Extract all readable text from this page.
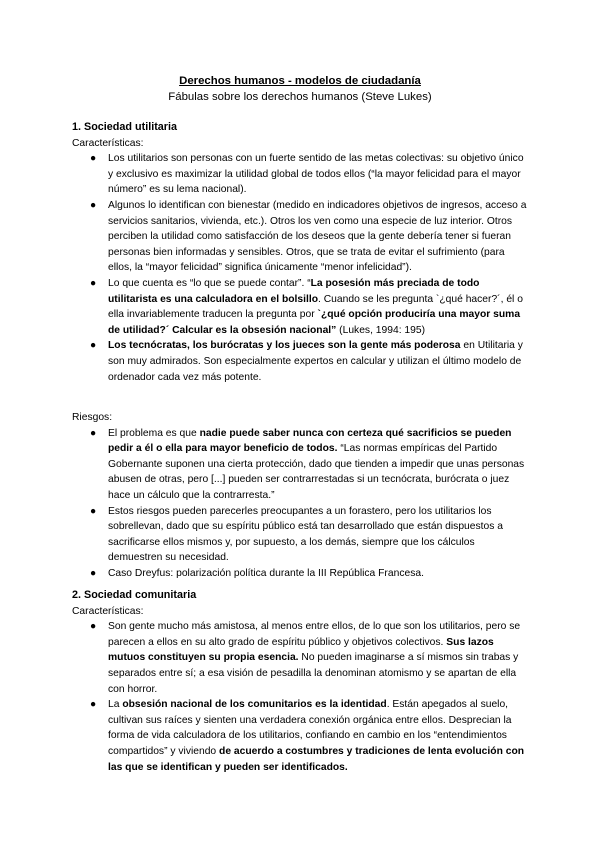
Derechos humanos - modelos de ciudadanía
Fábulas sobre los derechos humanos (Steve Lukes)
1. Sociedad utilitaria
Características:
● Los utilitarios son personas con un fuerte sentido de las metas colectivas: su objetivo único y exclusivo es maximizar la utilidad global de todos ellos (“la mayor felicidad para el mayor número” es su lema nacional).
● Algunos lo identifican con bienestar (medido en indicadores objetivos de ingresos, acceso a servicios sanitarios, vivienda, etc.). Otros los ven como una especie de luz interior. Otros perciben la utilidad como satisfacción de los deseos que la gente debería tener si fueran personas bien informadas y sensibles. Otros, que se trata de evitar el sufrimiento (para ellos, la “mayor felicidad” significa únicamente “menor infelicidad”).
● Lo que cuenta es “lo que se puede contar”. “La posesión más preciada de todo utilitarista es una calculadora en el bolsillo. Cuando se les pregunta `¿qué hacer?´, él o ella invariablemente traducen la pregunta por `¿qué opción produciría una mayor suma de utilidad?´ Calcular es la obsesión nacional” (Lukes, 1994: 195)
● Los tecnócratas, los burócratas y los jueces son la gente más poderosa en Utilitaria y son muy admirados. Son especialmente expertos en calcular y utilizan el último modelo de ordenador cada vez más potente.
Riesgos:
● El problema es que nadie puede saber nunca con certeza qué sacrificios se pueden pedir a él o ella para mayor beneficio de todos. “Las normas empíricas del Partido Gobernante suponen una cierta protección, dado que tienden a impedir que unas personas abusen de otras, pero [...] pueden ser contrarrestadas si un tecnócrata, burócrata o juez hace un cálculo que la contrarresta.”
● Estos riesgos pueden parecerles preocupantes a un forastero, pero los utilitarios los sobrellevan, dado que su espíritu público está tan desarrollado que están dispuestos a sacrificarse ellos mismos y, por supuesto, a los demás, siempre que los cálculos demuestren su necesidad.
● Caso Dreyfus: polarización política durante la III República Francesa.
2. Sociedad comunitaria
Características:
● Son gente mucho más amistosa, al menos entre ellos, de lo que son los utilitarios, pero se parecen a ellos en su alto grado de espíritu público y objetivos colectivos. Sus lazos mutuos constituyen su propia esencia. No pueden imaginarse a sí mismos sin trabas y separados entre sí; a esa visión de pesadilla la denominan atomismo y se apartan de ella con horror.
● La obsesión nacional de los comunitarios es la identidad. Están apegados al suelo, cultivan sus raíces y sienten una verdadera conexión orgánica entre ellos. Desprecian la forma de vida calculadora de los utilitarios, confiando en cambio en los “entendimientos compartidos” y viviendo de acuerdo a costumbres y tradiciones de lenta evolución con las que se identifican y pueden ser identificados.
